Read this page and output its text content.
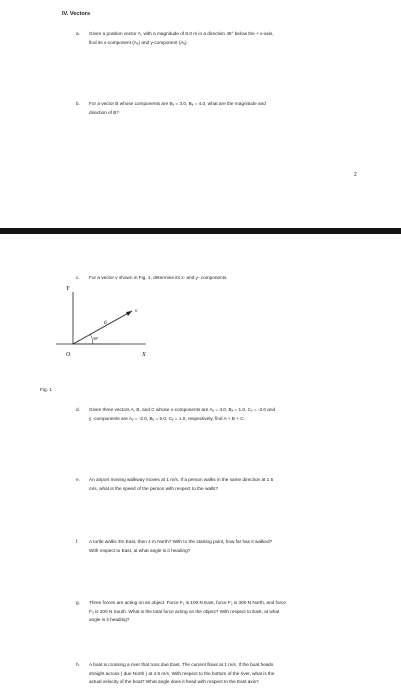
IV. Vectors
a. Given a position vector A, with a magnitude of 8.0 m in a direction 45° below the + x-axis,
find its x-component (Aₓ) and y-component (Aᵧ).
b. For a vector B whose components are Bₓ = 3.0, Bᵧ = 4.0, what are the magnitude and
direction of B?
2
c. For a vector v shown in Fig. 1, determine its x- and y- components.
Y
X
O
6
30°
v
Fig. 1
d. Given three vectors A, B, and C whose x-components are Aₓ = 4.0, Bₓ = 1.0, Cₓ = -2.0 and
y -components are Aᵧ = -2.0, Bᵧ = 5.0, Cᵧ = 1.0, respectively, find A + B + C.
e. An airport moving walkway moves at 1 m/s. If a person walks in the same direction at 1.5
m/s, what is the speed of the person with respect to the walls?
f. A turtle walks 3m East, then 4 m North? With to the starting point, how far has it walked?
With respect to East, at what angle is it heading?
g. Three forces are acting on an object. Force F₁ is 100 N East, force F₂ is 300 N North, and force
F₃ is 200 N South. What is the total force acting on the object? With respect to East, at what
angle is it heading?
h. A boat is crossing a river that runs due East. The current flows at 1 m/s. If the boat heads
straight across ( due North ) at 4.6 m/s. With respect to the bottom of the river, what is the
actual velocity of the boat? What angle does it head with respect to the East axis?
